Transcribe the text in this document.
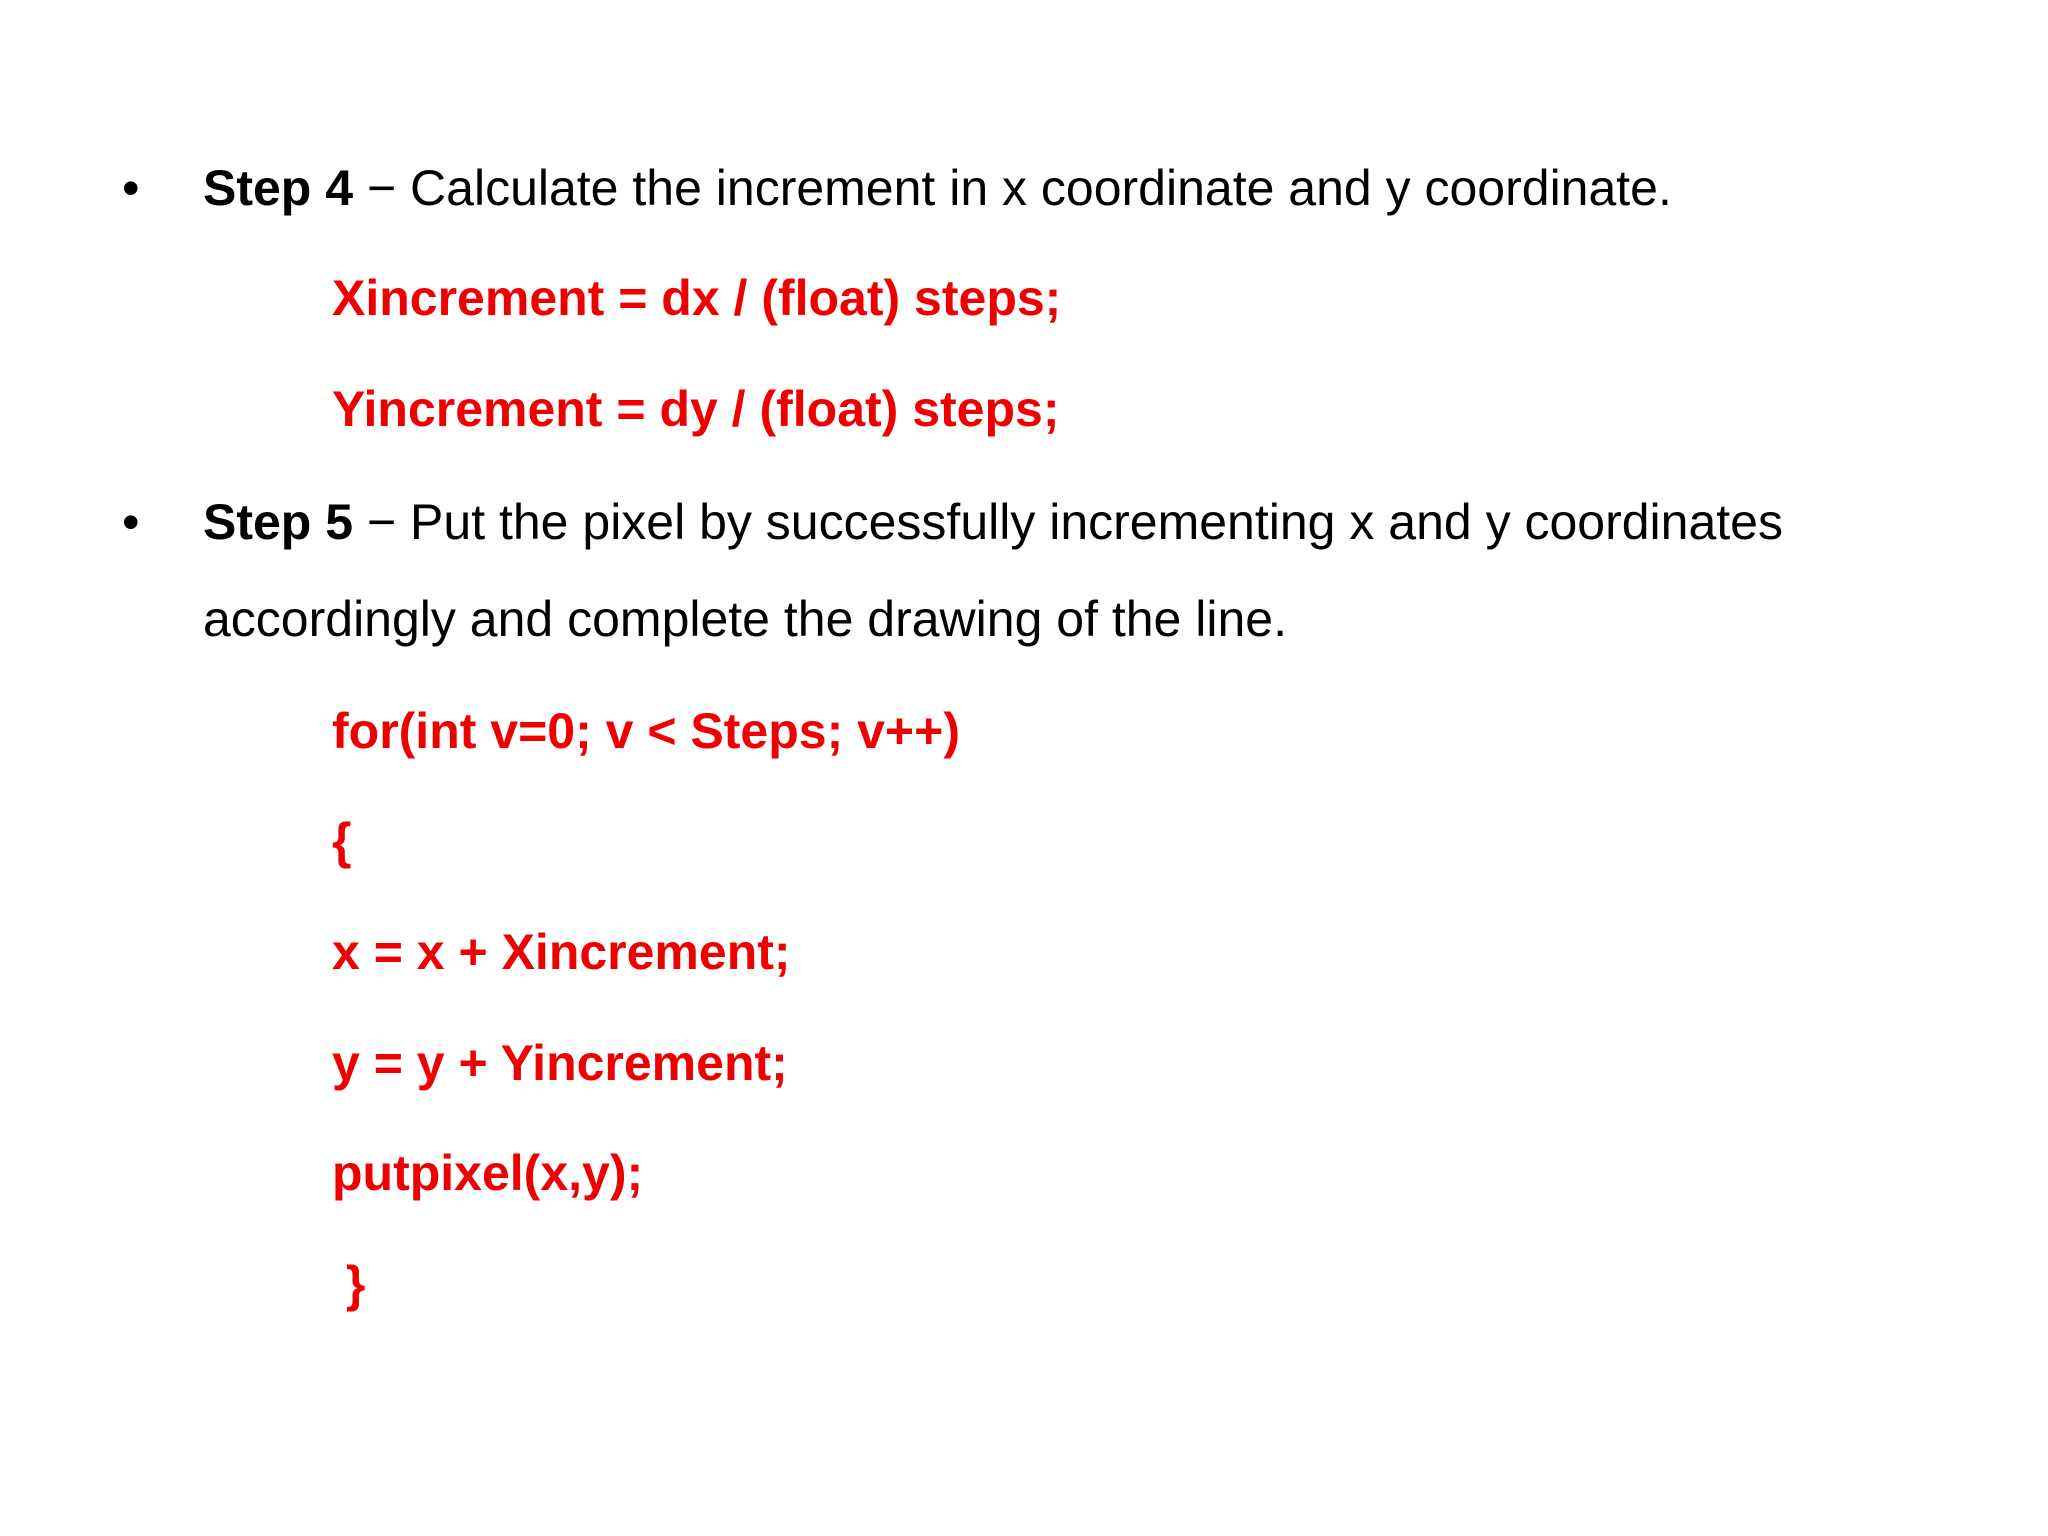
• Step 4 − Calculate the increment in x coordinate and y coordinate.
Xincrement = dx / (float) steps;
Yincrement = dy / (float) steps;
• Step 5 − Put the pixel by successfully incrementing x and y coordinates
accordingly and complete the drawing of the line.
for(int v=0; v < Steps; v++)
{
x = x + Xincrement;
y = y + Yincrement;
putpixel(x,y);
}
